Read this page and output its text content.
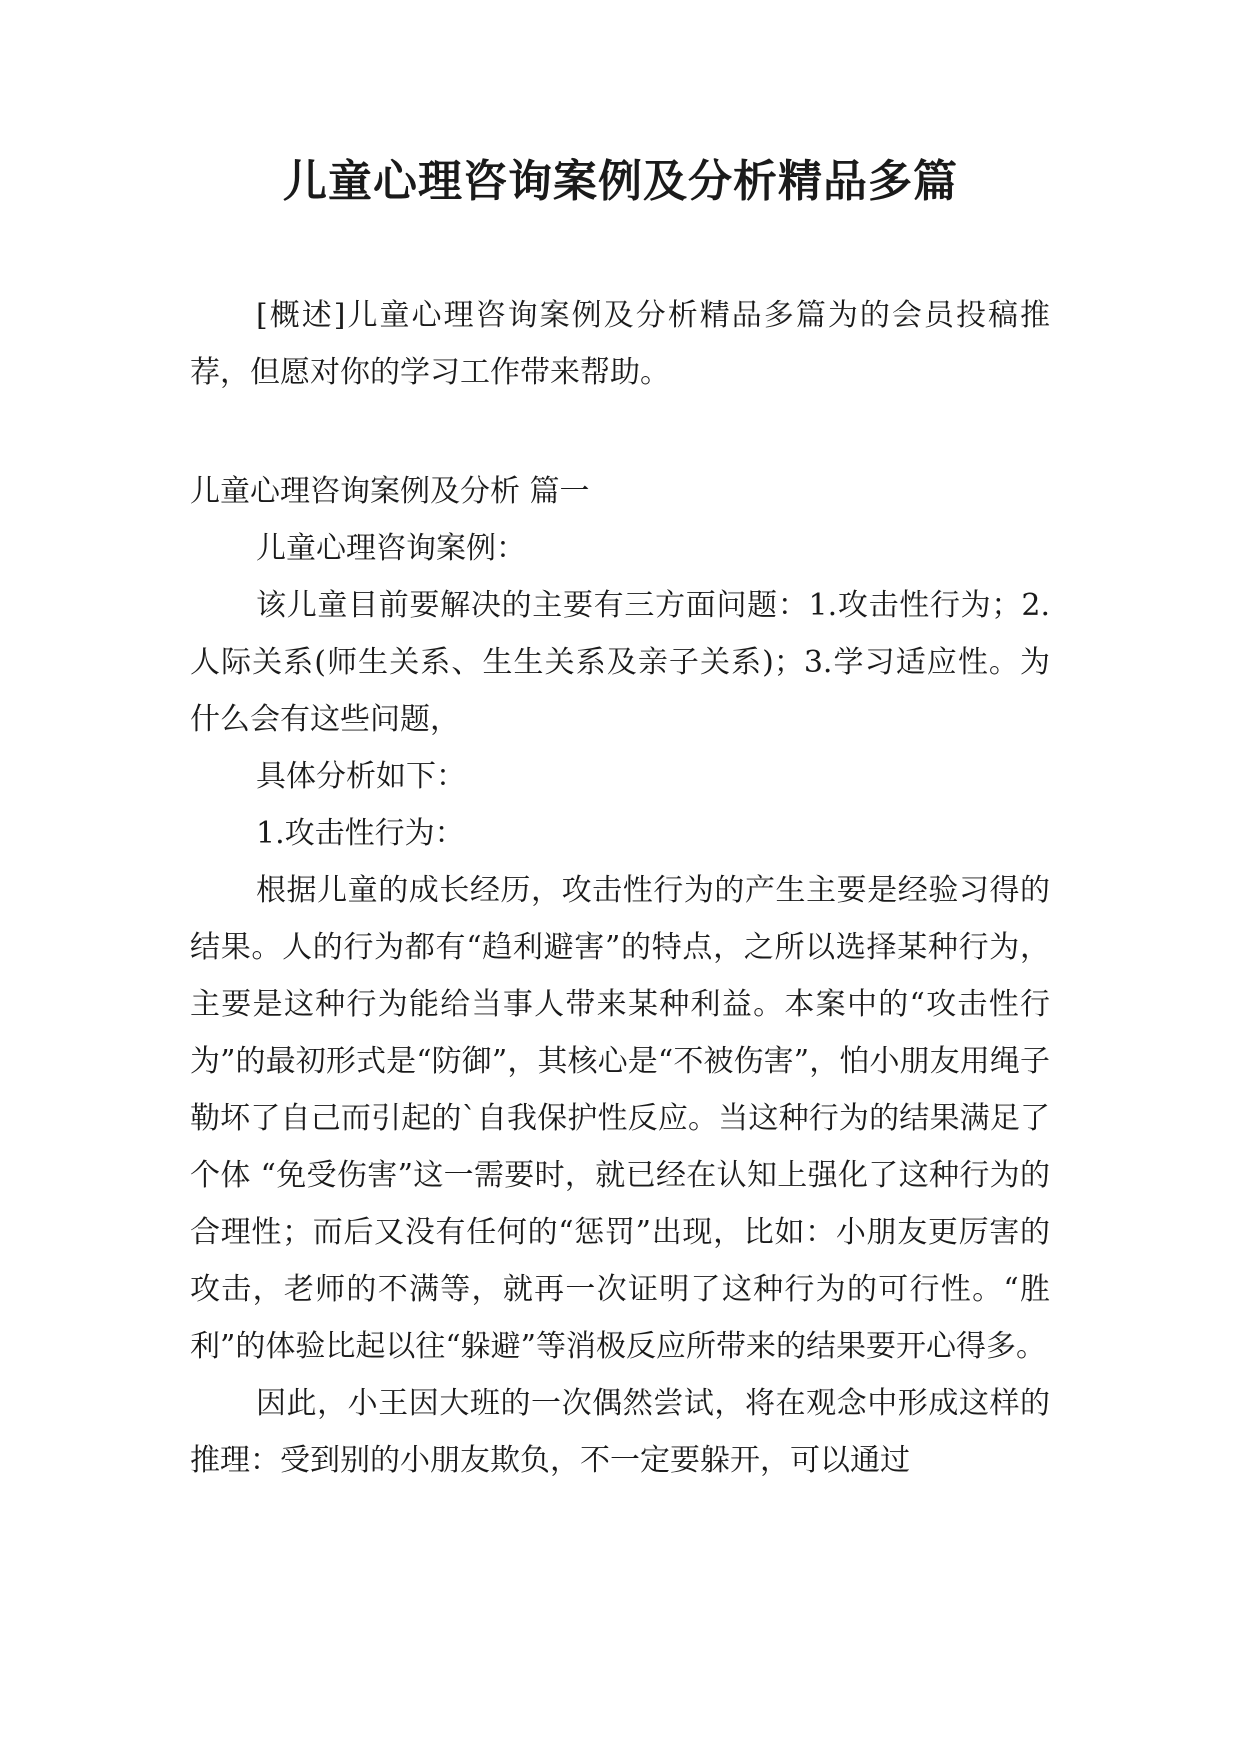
儿童心理咨询案例及分析精品多篇

[概述]儿童心理咨询案例及分析精品多篇为的会员投稿推荐，但愿对你的学习工作带来帮助。

儿童心理咨询案例及分析 篇一

儿童心理咨询案例：

该儿童目前要解决的主要有三方面问题：1.攻击性行为；2.人际关系(师生关系、生生关系及亲子关系)；3.学习适应性。为什么会有这些问题，

具体分析如下：

1.攻击性行为：

根据儿童的成长经历，攻击性行为的产生主要是经验习得的结果。人的行为都有“趋利避害”的特点，之所以选择某种行为，主要是这种行为能给当事人带来某种利益。本案中的“攻击性行为”的最初形式是“防御”，其核心是“不被伤害”，怕小朋友用绳子勒坏了自己而引起的`自我保护性反应。当这种行为的结果满足了个体 “免受伤害”这一需要时，就已经在认知上强化了这种行为的合理性；而后又没有任何的“惩罚”出现，比如：小朋友更厉害的攻击，老师的不满等，就再一次证明了这种行为的可行性。“胜利”的体验比起以往“躲避”等消极反应所带来的结果要开心得多。

因此，小王因大班的一次偶然尝试，将在观念中形成这样的推理：受到别的小朋友欺负，不一定要躲开，可以通过
